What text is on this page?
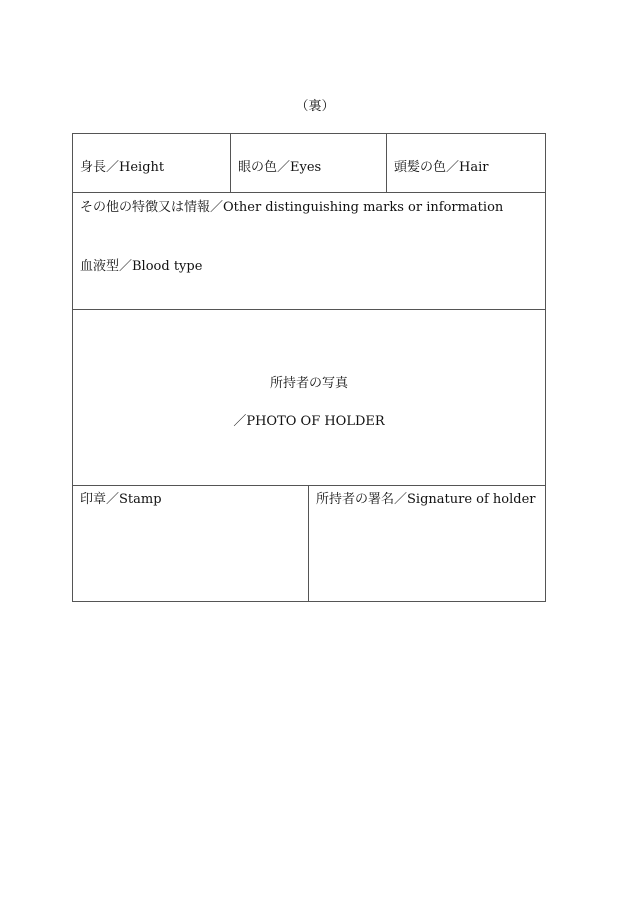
（裏）
身長／Height	眼の色／Eyes	頭髪の色／Hair
その他の特徴又は情報／Other distinguishing marks or information
血液型／Blood type
所持者の写真
／PHOTO OF HOLDER
印章／Stamp	所持者の署名／Signature of holder
